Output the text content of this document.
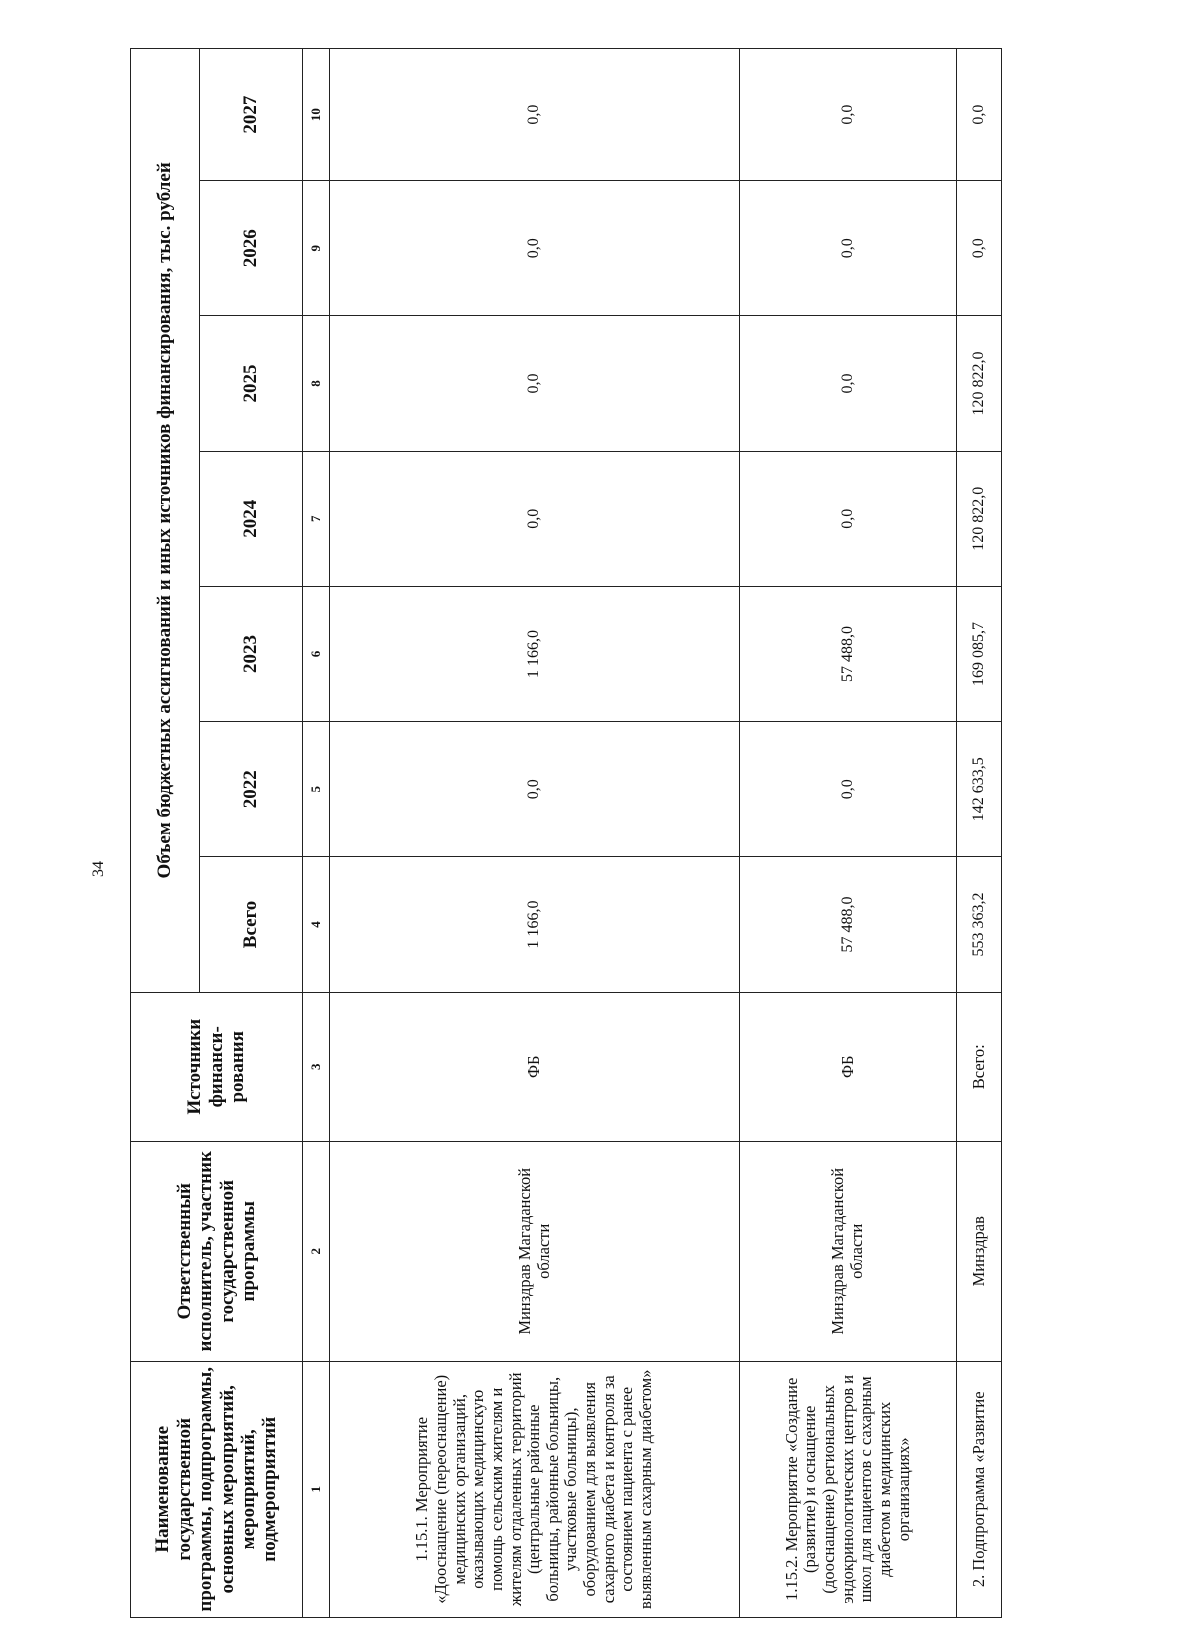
34
Наименование государственной программы, подпрограммы, основных мероприятий, мероприятий, подмероприятий	Ответственный исполнитель, участник государственной программы	Источники финанси-рования	Объем бюджетных ассигнований и иных источников финансирования, тыс. рублей						
			Всего	2022	2023	2024	2025	2026	2027
1	2	3	4	5	6	7	8	9	10
1.15.1. Мероприятие «Дооснащение (переоснащение) медицинских организаций, оказывающих медицинскую помощь сельским жителям и жителям отдаленных территорий (центральные районные больницы, районные больницы, участковые больницы), оборудованием для выявления сахарного диабета и контроля за состоянием пациента с ранее выявленным сахарным диабетом»	Минздрав Магаданской области	ФБ	1 166,0	0,0	1 166,0	0,0	0,0	0,0	0,0
1.15.2. Мероприятие «Создание (развитие) и оснащение (дооснащение) региональных эндокринологических центров и школ для пациентов с сахарным диабетом в медицинских организациях»	Минздрав Магаданской области	ФБ	57 488,0	0,0	57 488,0	0,0	0,0	0,0	0,0
2. Подпрограмма «Развитие	Минздрав	Всего:	553 363,2	142 633,5	169 085,7	120 822,0	120 822,0	0,0	0,0
